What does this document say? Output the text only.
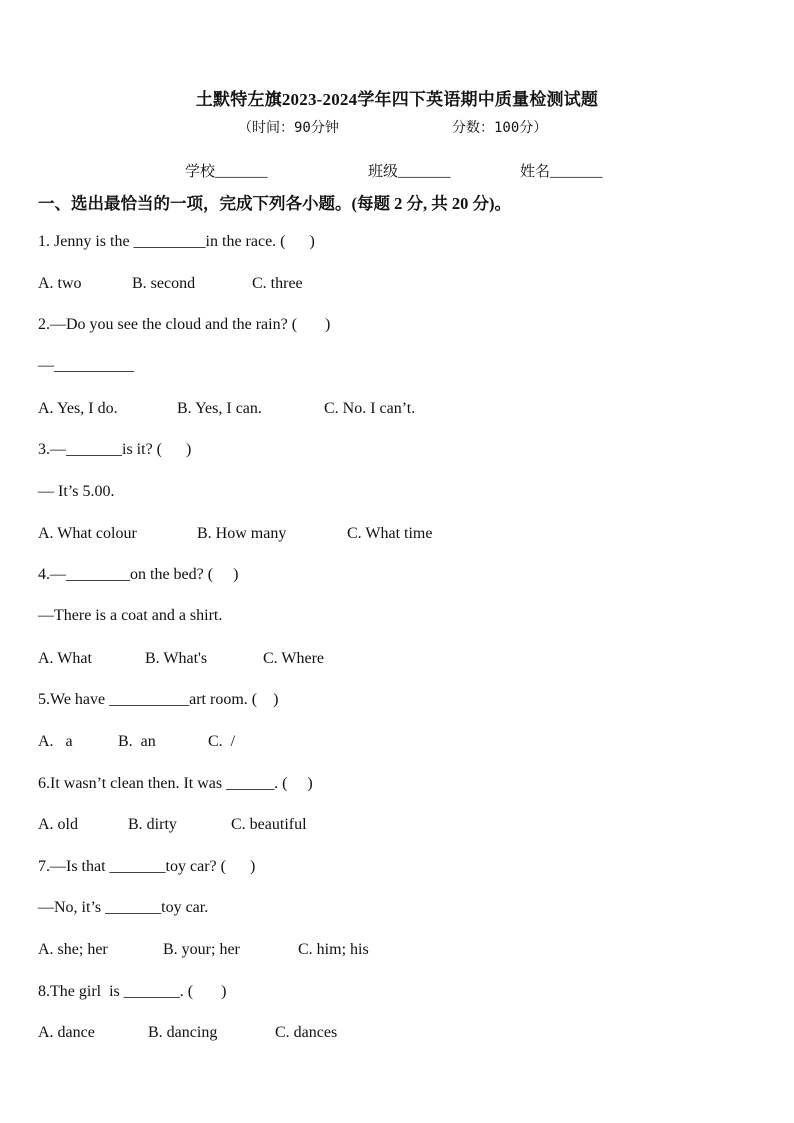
土默特左旗2023-2024学年四下英语期中质量检测试题
（时间：90分钟	分数：100分）
学校_______	班级_______	姓名_______
一、选出最恰当的一项，完成下列各小题。(每题 2 分, 共 20 分)。
1. Jenny is the _________in the race. (      )
A. two	B. second	C. three
2.—Do you see the cloud and the rain? (       )
—__________
A. Yes, I do.	B. Yes, I can.	C. No. I can’t.
3.—_______is it? (      )
— It’s 5.00.
A. What colour	B. How many	C. What time
4.—________on the bed? (     )
—There is a coat and a shirt.
A. What	B. What's	C. Where
5.We have __________art room. (    )
A.   a	B.  an	C.  /
6.It wasn’t clean then. It was ______. (     )
A. old	B. dirty	C. beautiful
7.—Is that _______toy car? (      )
—No, it’s _______toy car.
A. she; her	B. your; her	C. him; his
8.The girl  is _______. (       )
A. dance	B. dancing	C. dances
